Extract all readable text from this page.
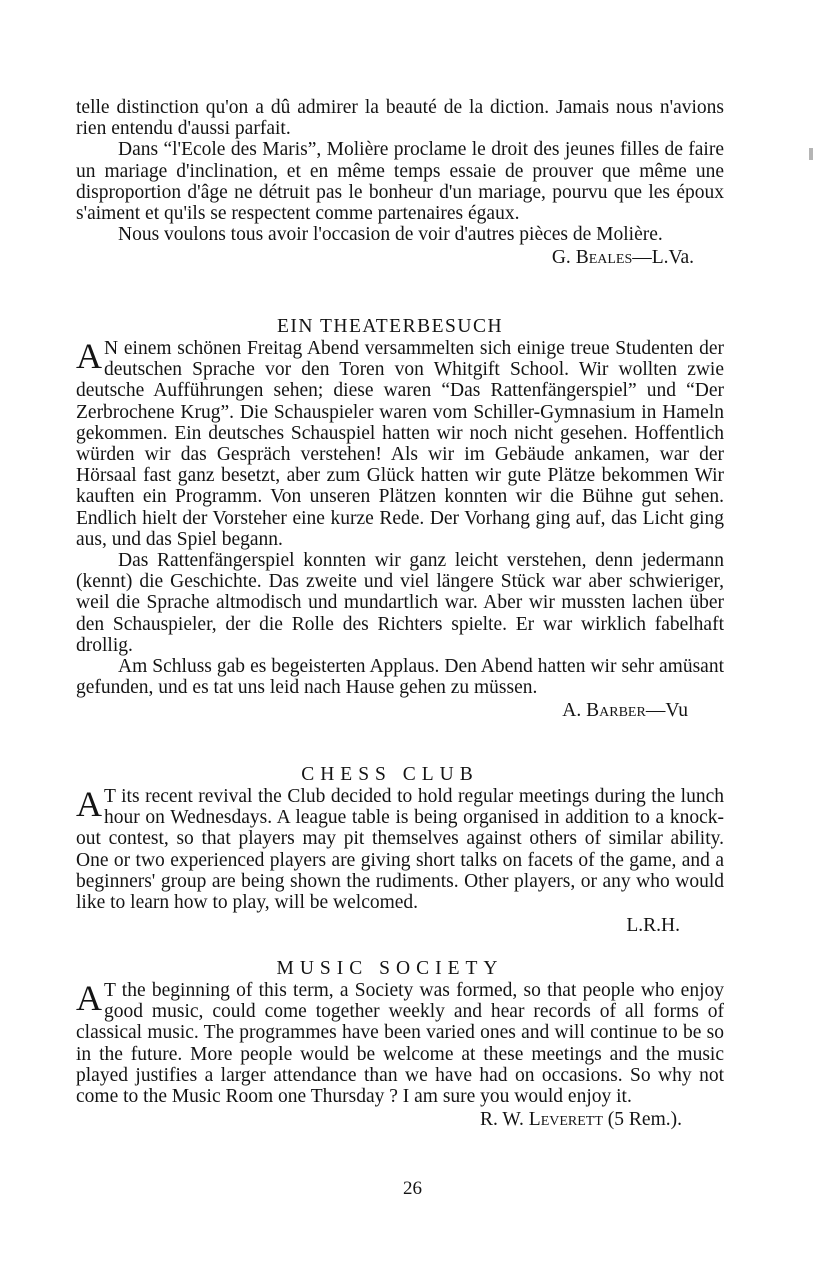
telle distinction qu'on a dû admirer la beauté de la diction. Jamais nous n'avions rien entendu d'aussi parfait.

Dans “l'Ecole des Maris”, Molière proclame le droit des jeunes filles de faire un mariage d'inclination, et en même temps essaie de prouver que même une disproportion d'âge ne détruit pas le bonheur d'un mariage, pourvu que les époux s'aiment et qu'ils se respectent comme partenaires égaux.

Nous voulons tous avoir l'occasion de voir d'autres pièces de Molière.

G. Beales—L.Va.

EIN THEATERBESUCH

A N einem schönen Freitag Abend versammelten sich einige treue Studenten der deutschen Sprache vor den Toren von Whitgift School. Wir wollten zwie deutsche Aufführungen sehen; diese waren “Das Rattenfängerspiel” und “Der Zerbrochene Krug”. Die Schauspieler waren vom Schiller-Gymnasium in Hameln gekommen. Ein deutsches Schauspiel hatten wir noch nicht gesehen. Hoffentlich würden wir das Gespräch verstehen! Als wir im Gebäude ankamen, war der Hörsaal fast ganz besetzt, aber zum Glück hatten wir gute Plätze bekommen Wir kauften ein Programm. Von unseren Plätzen konnten wir die Bühne gut sehen. Endlich hielt der Vorsteher eine kurze Rede. Der Vorhang ging auf, das Licht ging aus, und das Spiel begann.

Das Rattenfängerspiel konnten wir ganz leicht verstehen, denn jedermann (kennt) die Geschichte. Das zweite und viel längere Stück war aber schwieriger, weil die Sprache altmodisch und mundartlich war. Aber wir mussten lachen über den Schauspieler, der die Rolle des Richters spielte. Er war wirklich fabelhaft drollig.

Am Schluss gab es begeisterten Applaus. Den Abend hatten wir sehr amüsant gefunden, und es tat uns leid nach Hause gehen zu müssen.

A. Barber—Vu

CHESS CLUB

A T its recent revival the Club decided to hold regular meetings during the lunch hour on Wednesdays. A league table is being organised in addition to a knock-out contest, so that players may pit themselves against others of similar ability. One or two experienced players are giving short talks on facets of the game, and a beginners' group are being shown the rudiments. Other players, or any who would like to learn how to play, will be welcomed.

L.R.H.

MUSIC SOCIETY

A T the beginning of this term, a Society was formed, so that people who enjoy good music, could come together weekly and hear records of all forms of classical music. The programmes have been varied ones and will continue to be so in the future. More people would be welcome at these meetings and the music played justifies a larger attendance than we have had on occasions. So why not come to the Music Room one Thursday ? I am sure you would enjoy it.

R. W. Leverett (5 Rem.).

26
